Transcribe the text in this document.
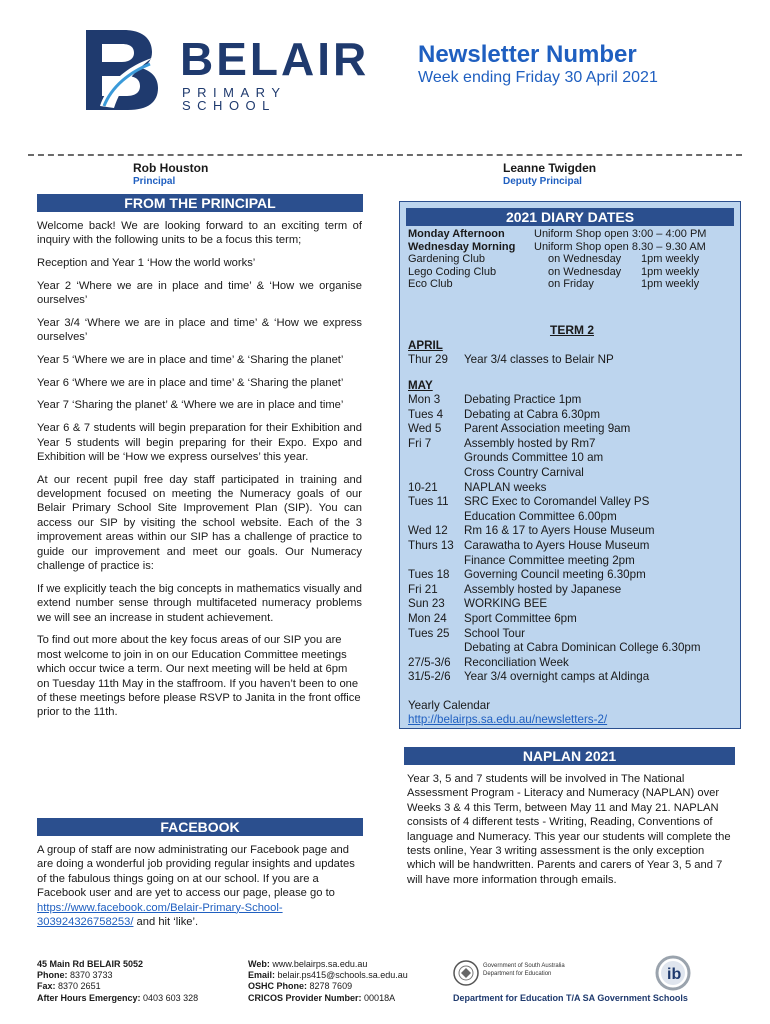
BELAIR
PRIMARY SCHOOL
Newsletter Number
Week ending Friday 30 April 2021
Rob Houston
Principal
Leanne Twigden
Deputy Principal
FROM THE PRINCIPAL

Welcome back! We are looking forward to an exciting term of inquiry with the following units to be a focus this term;

Reception and Year 1 ‘How the world works’

Year 2 ‘Where we are in place and time’ & ‘How we organise ourselves’

Year 3/4 ‘Where we are in place and time’ & ‘How we express ourselves’

Year 5 ‘Where we are in place and time’ & ‘Sharing the planet’

Year 6 ‘Where we are in place and time’ & ‘Sharing the planet’

Year 7 ‘Sharing the planet’ & ‘Where we are in place and time’

Year 6 & 7 students will begin preparation for their Exhibition and Year 5 students will begin preparing for their Expo. Expo and Exhibition will be ‘How we express ourselves’ this year.

At our recent pupil free day staff participated in training and development focused on meeting the Numeracy goals of our Belair Primary School Site Improvement Plan (SIP). You can access our SIP by visiting the school website. Each of the 3 improvement areas within our SIP has a challenge of practice to guide our improvement and meet our goals. Our Numeracy challenge of practice is:

If we explicitly teach the big concepts in mathematics visually and extend number sense through multifaceted numeracy problems we will see an increase in student achievement.

To find out more about the key focus areas of our SIP you are most welcome to join in on our Education Committee meetings which occur twice a term. Our next meeting will be held at 6pm on Tuesday 11th May in the staffroom. If you haven’t been to one of these meetings before please RSVP to Janita in the front office prior to the 11th.

FACEBOOK
A group of staff are now administrating our Facebook page and are doing a wonderful job providing regular insights and updates of the fabulous things going on at our school. If you are a Facebook user and are yet to access our page, please go to https://www.facebook.com/Belair-Primary-School-303924326758253/ and hit ‘like’.
2021 DIARY DATES
Monday Afternoon	Uniform Shop open 3:00 – 4:00 PM
Wednesday Morning	Uniform Shop open 8.30 – 9.30 AM
Gardening Club	on Wednesday	1pm weekly
Lego Coding Club	on Wednesday	1pm weekly
Eco Club	on Friday	1pm weekly
TERM 2
APRIL
Thur 29	Year 3/4 classes to Belair NP
MAY
Mon 3	Debating Practice 1pm
Tues 4	Debating at Cabra 6.30pm
Wed 5	Parent Association meeting 9am
Fri 7	Assembly hosted by Rm7
Grounds Committee 10 am
Cross Country Carnival
10-21	NAPLAN weeks
Tues 11	SRC Exec to Coromandel Valley PS
Education Committee 6.00pm
Wed 12	Rm 16 & 17 to Ayers House Museum
Thurs 13 Carawatha to Ayers House Museum
Finance Committee meeting 2pm
Tues 18	Governing Council meeting 6.30pm
Fri 21	Assembly hosted by Japanese
Sun 23	WORKING BEE
Mon 24	Sport Committee 6pm
Tues 25	School Tour
Debating at Cabra Dominican College 6.30pm
27/5-3/6	Reconciliation Week
31/5-2/6	Year 3/4 overnight camps at Aldinga
Yearly Calendar
http://belairps.sa.edu.au/newsletters-2/
NAPLAN 2021
Year 3, 5 and 7 students will be involved in The National Assessment Program - Literacy and Numeracy (NAPLAN) over Weeks 3 & 4 this Term, between May 11 and May 21. NAPLAN consists of 4 different tests - Writing, Reading, Conventions of language and Numeracy. This year our students will complete the tests online, Year 3 writing assessment is the only exception which will be handwritten. Parents and carers of Year 3, 5 and 7 will have more information through emails.
45 Main Rd BELAIR 5052
Phone: 8370 3733
Fax: 8370 2651
After Hours Emergency: 0403 603 328
Web: www.belairps.sa.edu.au
Email: belair.ps415@schools.sa.edu.au
OSHC Phone: 8278 7609
CRICOS Provider Number: 00018A
Government of South Australia
Department for Education	ib
Department for Education T/A SA Government Schools
